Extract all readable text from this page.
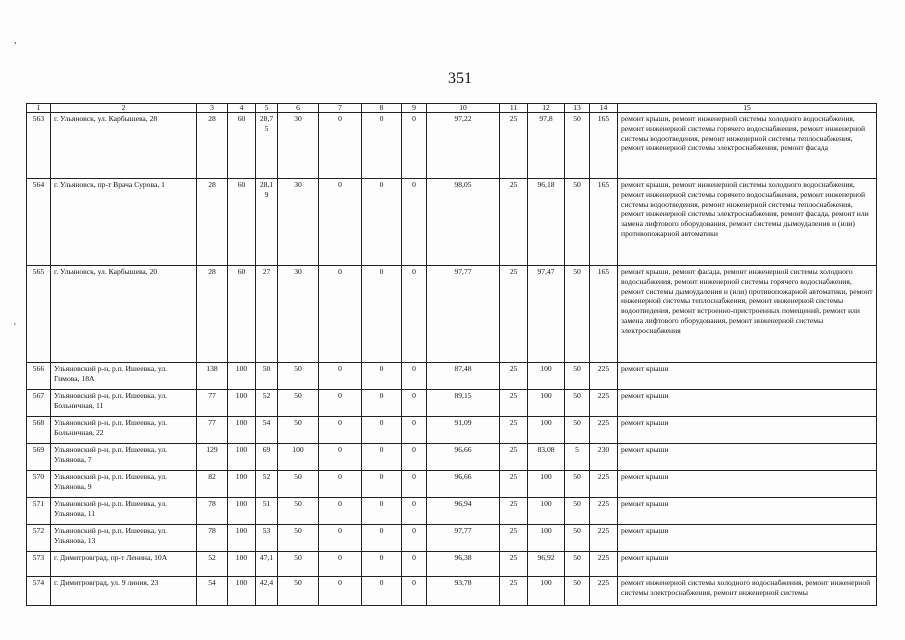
,
'
351
1	2	3	4	5	6	7	8	9	10	11	12	13	14	15
563	г. Ульяновск, ул. Карбышева, 28	28	60	28,7 5	30	0	0	0	97,22	25	97,8	50	165	ремонт крыши, ремонт инженерной системы холодного водоснабжения, ремонт инженерной системы горячего водоснабжения, ремонт инженерной системы водоотведения, ремонт инженерной системы теплоснабжения, ремонт инженерной системы электроснабжения, ремонт фасада
564	г. Ульяновск, пр-т Врача Сурова, 1	28	60	28,1 9	30	0	0	0	98,05	25	96,18	50	165	ремонт крыши, ремонт инженерной системы холодного водоснабжения, ремонт инженерной системы горячего водоснабжения, ремонт инженерной системы водоотведения, ремонт инженерной системы теплоснабжения, ремонт инженерной системы электроснабжения, ремонт фасада, ремонт или замена лифтового оборудования, ремонт системы дымоудаления и (или) противопожарной автоматики
565	г. Ульяновск, ул. Карбышева, 20	28	60	27	30	0	0	0	97,77	25	97,47	50	165	ремонт крыши, ремонт фасада, ремонт инженерной системы холодного водоснабжения, ремонт инженерной системы горячего водоснабжения, ремонт системы дымоудаления и (или) противопожарной автоматики, ремонт инженерной системы теплоснабжения, ремонт инженерной системы водоотведения, ремонт встроенно-пристроенных помещений, ремонт или замена лифтового оборудования, ремонт инженерной системы электроснабжения
566	Ульяновский р-н, р.п. Ишеевка, ул. Гимова, 18А	138	100	50	50	0	0	0	87,48	25	100	50	225	ремонт крыши
567	Ульяновский р-н, р.п. Ишеевка, ул. Больничная, 11	77	100	52	50	0	0	0	89,15	25	100	50	225	ремонт крыши
568	Ульяновский р-н, р.п. Ишеевка, ул. Больничная, 22	77	100	54	50	0	0	0	91,09	25	100	50	225	ремонт крыши
569	Ульяновский р-н, р.п. Ишеевка, ул. Ульянова, 7	129	100	69	100	0	0	0	96,66	25	83,08	5	230	ремонт крыши
570	Ульяновский р-н, р.п. Ишеевка, ул. Ульянова, 9	82	100	52	50	0	0	0	96,66	25	100	50	225	ремонт крыши
571	Ульяновский р-н, р.п. Ишеевка, ул. Ульянова, 11	78	100	51	50	0	0	0	96,94	25	100	50	225	ремонт крыши
572	Ульяновский р-н, р.п. Ишеевка, ул. Ульянова, 13	78	100	53	50	0	0	0	97,77	25	100	50	225	ремонт крыши
573	г. Димитровград, пр-т Ленина, 10А	52	100	47,1	50	0	0	0	96,38	25	96,92	50	225	ремонт крыши
574	г. Димитровград, ул. 9 линия, 23	54	100	42,4	50	0	0	0	93,78	25	100	50	225	ремонт инженерной системы холодного водоснабжения, ремонт инженерной системы электроснабжения, ремонт инженерной системы
